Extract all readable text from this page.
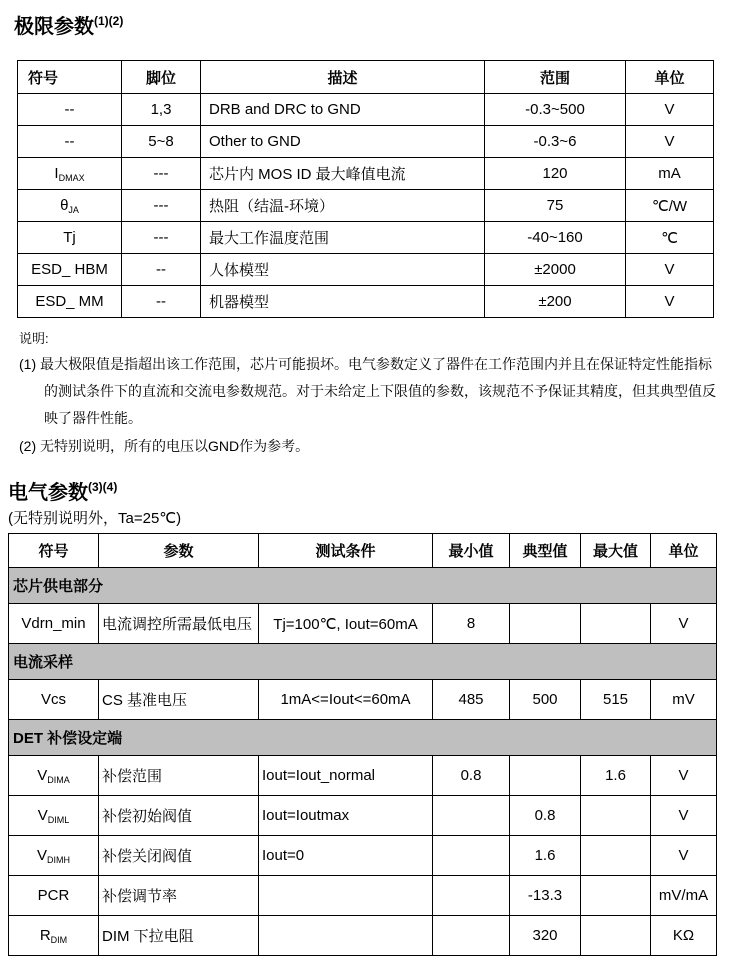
极限参数$^{(1)(2)}$
符号	脚位	描述	范围	单位
--	1,3	DRB and DRC to GND	-0.3~500	V
--	5~8	Other to GND	-0.3~6	V
$I_{DMAX}$	---	芯片内 MOS ID 最大峰值电流	120	mA
$\theta_{JA}$	---	热阻（结温-环境）	75	℃/W
Tj	---	最大工作温度范围	-40~160	℃
ESD_ HBM	--	人体模型	±2000	V
ESD_ MM	--	机器模型	±200	V
说明:
(1) 最大极限值是指超出该工作范围，芯片可能损坏。电气参数定义了器件在工作范围内并且在保证特定性能指标的测试条件下的直流和交流电参数规范。对于未给定上下限值的参数，该规范不予保证其精度，但其典型值反映了器件性能。
(2) 无特别说明，所有的电压以GND作为参考。
电气参数$^{(3)(4)}$
(无特别说明外，Ta=25℃)
符号	参数	测试条件	最小值	典型值	最大值	单位
芯片供电部分						
Vdrn_min	电流调控所需最低电压	Tj=100℃, Iout=60mA	8			V
电流采样						
Vcs	CS 基准电压	1mA<=Iout<=60mA	485	500	515	mV
DET 补偿设定端						
$V_{DIMA}$	补偿范围	Iout=Iout_normal	0.8		1.6	V
$V_{DIML}$	补偿初始阀值	Iout=Ioutmax		0.8		V
$V_{DIMH}$	补偿关闭阀值	Iout=0		1.6		V
PCR	补偿调节率			-13.3		mV/mA
$R_{DIM}$	DIM 下拉电阻			320		KΩ
